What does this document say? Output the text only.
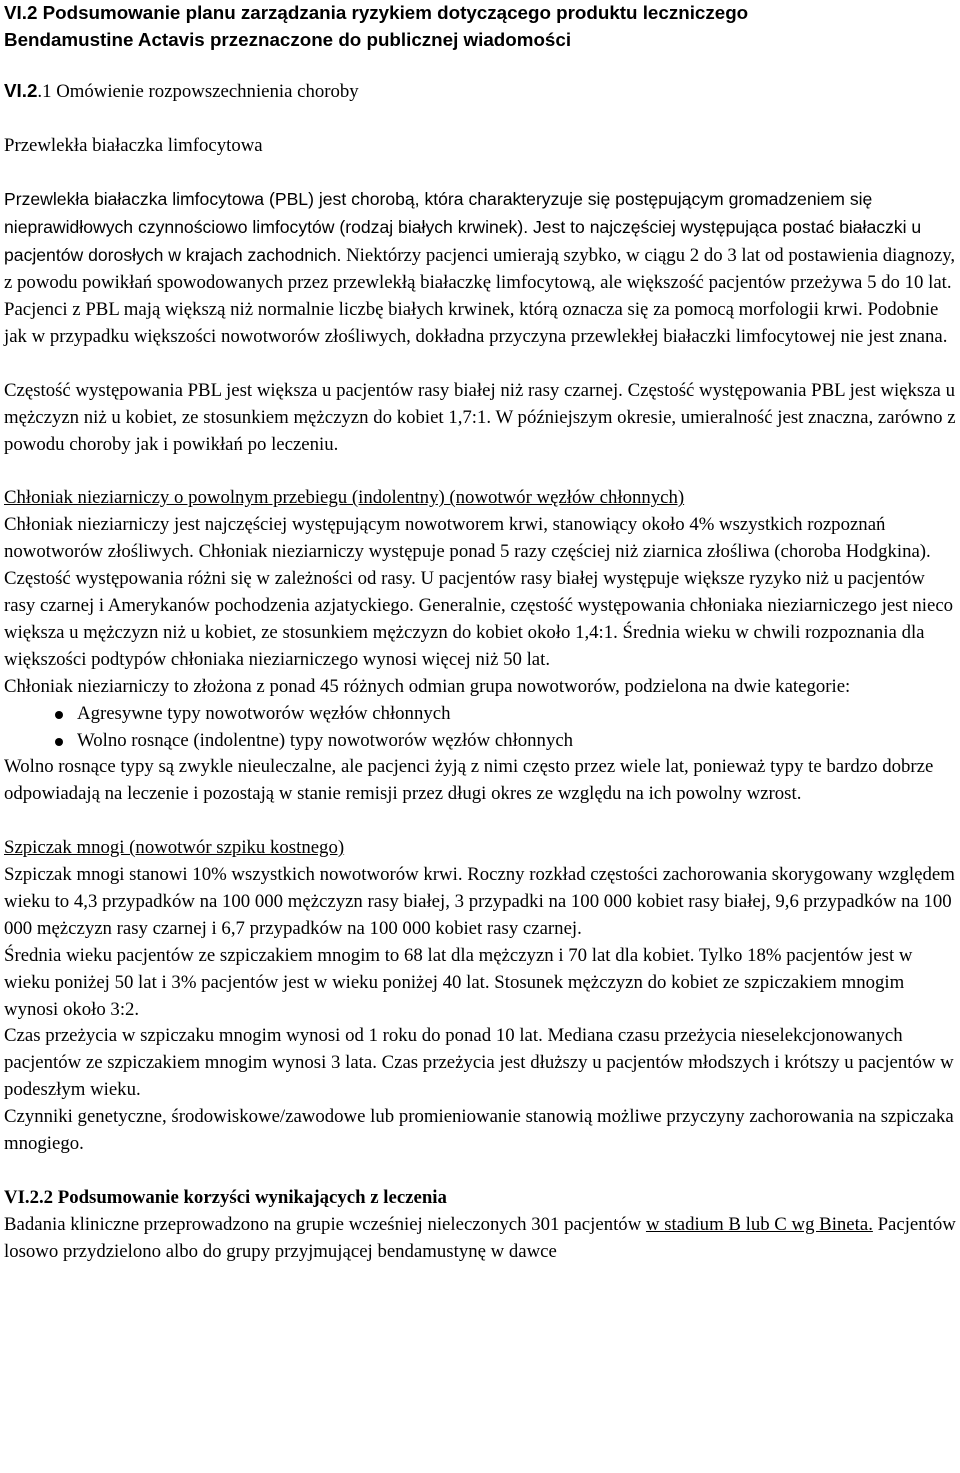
VI.2 Podsumowanie planu zarządzania ryzykiem dotyczącego produktu leczniczego
Bendamustine Actavis przeznaczone do publicznej wiadomości
VI.2.1 Omówienie rozpowszechnienia choroby

Przewlekła białaczka limfocytowa

Przewlekła białaczka limfocytowa (PBL) jest chorobą, która charakteryzuje się postępującym gromadzeniem się nieprawidłowych czynnościowo limfocytów (rodzaj białych krwinek). Jest to najczęściej występująca postać białaczki u pacjentów dorosłych w krajach zachodnich. Niektórzy pacjenci umierają szybko, w ciągu 2 do 3 lat od postawienia diagnozy, z powodu powikłań spowodowanych przez przewlekłą białaczkę limfocytową, ale większość pacjentów przeżywa 5 do 10 lat. Pacjenci z PBL mają większą niż normalnie liczbę białych krwinek, którą oznacza się za pomocą morfologii krwi. Podobnie jak w przypadku większości nowotworów złośliwych, dokładna przyczyna przewlekłej białaczki limfocytowej nie jest znana.

Częstość występowania PBL jest większa u pacjentów rasy białej niż rasy czarnej. Częstość występowania PBL jest większa u mężczyzn niż u kobiet, ze stosunkiem mężczyzn do kobiet 1,7:1. W późniejszym okresie, umieralność jest znaczna, zarówno z powodu choroby jak i powikłań po leczeniu.

Chłoniak nieziarniczy o powolnym przebiegu (indolentny) (nowotwór węzłów chłonnych)

Chłoniak nieziarniczy jest najczęściej występującym nowotworem krwi, stanowiący około 4% wszystkich rozpoznań nowotworów złośliwych. Chłoniak nieziarniczy występuje ponad 5 razy częściej niż ziarnica złośliwa (choroba Hodgkina).

Częstość występowania różni się w zależności od rasy. U pacjentów rasy białej występuje większe ryzyko niż u pacjentów rasy czarnej i Amerykanów pochodzenia azjatyckiego. Generalnie, częstość występowania chłoniaka nieziarniczego jest nieco większa u mężczyzn niż u kobiet, ze stosunkiem mężczyzn do kobiet około 1,4:1. Średnia wieku w chwili rozpoznania dla większości podtypów chłoniaka nieziarniczego wynosi więcej niż 50 lat.

Chłoniak nieziarniczy to złożona z ponad 45 różnych odmian grupa nowotworów, podzielona na dwie kategorie:

Agresywne typy nowotworów węzłów chłonnych
Wolno rosnące (indolentne) typy nowotworów węzłów chłonnych

Wolno rosnące typy są zwykle nieuleczalne, ale pacjenci żyją z nimi często przez wiele lat, ponieważ typy te bardzo dobrze odpowiadają na leczenie i pozostają w stanie remisji przez długi okres ze względu na ich powolny wzrost.

Szpiczak mnogi (nowotwór szpiku kostnego)

Szpiczak mnogi stanowi 10% wszystkich nowotworów krwi. Roczny rozkład częstości zachorowania skorygowany względem wieku to 4,3 przypadków na 100 000 mężczyzn rasy białej, 3 przypadki na 100 000 kobiet rasy białej, 9,6 przypadków na 100 000 mężczyzn rasy czarnej i 6,7 przypadków na 100 000 kobiet rasy czarnej.

Średnia wieku pacjentów ze szpiczakiem mnogim to 68 lat dla mężczyzn i 70 lat dla kobiet. Tylko 18% pacjentów jest w wieku poniżej 50 lat i 3% pacjentów jest w wieku poniżej 40 lat. Stosunek mężczyzn do kobiet ze szpiczakiem mnogim wynosi około 3:2.

Czas przeżycia w szpiczaku mnogim wynosi od 1 roku do ponad 10 lat. Mediana czasu przeżycia nieselekcjonowanych pacjentów ze szpiczakiem mnogim wynosi 3 lata. Czas przeżycia jest dłuższy u pacjentów młodszych i krótszy u pacjentów w podeszłym wieku.

Czynniki genetyczne, środowiskowe/zawodowe lub promieniowanie stanowią możliwe przyczyny zachorowania na szpiczaka mnogiego.

VI.2.2 Podsumowanie korzyści wynikających z leczenia

Badania kliniczne przeprowadzono na grupie wcześniej nieleczonych 301 pacjentów w stadium B lub C wg Bineta. Pacjentów losowo przydzielono albo do grupy przyjmującej bendamustynę w dawce
